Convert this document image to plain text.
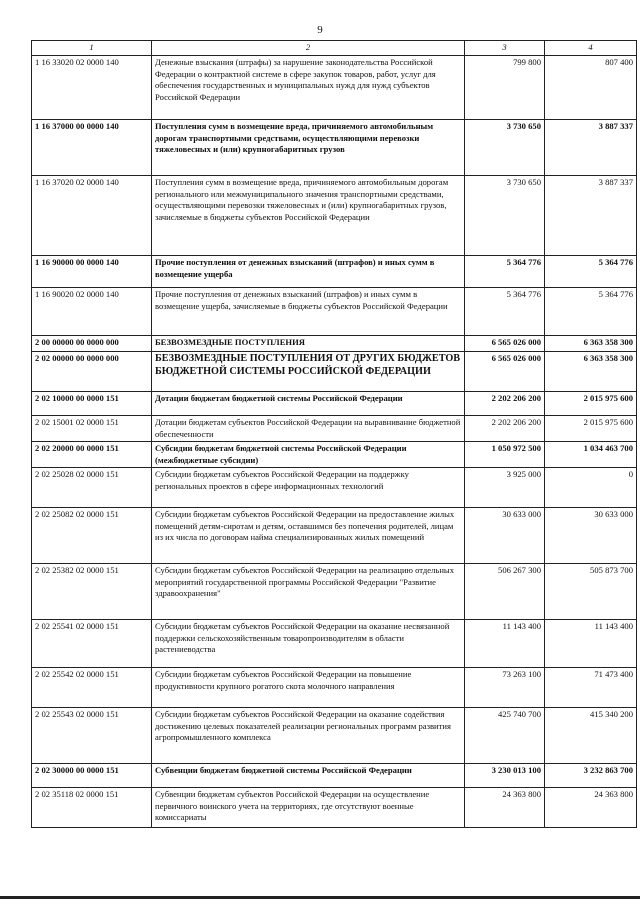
9
1	2	3	4
1 16 33020 02 0000 140	Денежные взыскания (штрафы) за нарушение законодательства Российской Федерации о контрактной системе в сфере закупок товаров, работ, услуг для обеспечения государственных и муниципальных нужд для нужд субъектов Российской Федерации	799 800	807 400
1 16 37000 00 0000 140	Поступления сумм в возмещение вреда, причиняемого автомобильным дорогам транспортными средствами, осуществляющими перевозки тяжеловесных и (или) крупногабаритных грузов	3 730 650	3 887 337
1 16 37020 02 0000 140	Поступления сумм в возмещение вреда, причиняемого автомобильным дорогам регионального или межмуниципального значения транспортными средствами, осуществляющими перевозки тяжеловесных и (или) крупногабаритных грузов, зачисляемые в бюджеты субъектов Российской Федерации	3 730 650	3 887 337
1 16 90000 00 0000 140	Прочие поступления от денежных взысканий (штрафов) и иных сумм в возмещение ущерба	5 364 776	5 364 776
1 16 90020 02 0000 140	Прочие поступления от денежных взысканий (штрафов) и иных сумм в возмещение ущерба, зачисляемые в бюджеты субъектов Российской Федерации	5 364 776	5 364 776
2 00 00000 00 0000 000	БЕЗВОЗМЕЗДНЫЕ ПОСТУПЛЕНИЯ	6 565 026 000	6 363 358 300
2 02 00000 00 0000 000	БЕЗВОЗМЕЗДНЫЕ ПОСТУПЛЕНИЯ ОТ ДРУГИХ БЮДЖЕТОВ БЮДЖЕТНОЙ СИСТЕМЫ РОССИЙСКОЙ ФЕДЕРАЦИИ	6 565 026 000	6 363 358 300
2 02 10000 00 0000 151	Дотации бюджетам бюджетной системы Российской Федерации	2 202 206 200	2 015 975 600
2 02 15001 02 0000 151	Дотации бюджетам субъектов Российской Федерации на выравнивание бюджетной обеспеченности	2 202 206 200	2 015 975 600
2 02 20000 00 0000 151	Субсидии бюджетам бюджетной системы Российской Федерации (межбюджетные субсидии)	1 050 972 500	1 034 463 700
2 02 25028 02 0000 151	Субсидии бюджетам субъектов Российской Федерации на поддержку региональных проектов в сфере информационных технологий	3 925 000	0
2 02 25082 02 0000 151	Субсидии бюджетам субъектов Российской Федерации на предоставление жилых помещений детям-сиротам и детям, оставшимся без попечения родителей, лицам из их числа по договорам найма специализированных жилых помещений	30 633 000	30 633 000
2 02 25382 02 0000 151	Субсидии бюджетам субъектов Российской Федерации на реализацию отдельных мероприятий государственной программы Российской Федерации "Развитие здравоохранения"	506 267 300	505 873 700
2 02 25541 02 0000 151	Субсидии бюджетам субъектов Российской Федерации на оказание несвязанной поддержки сельскохозяйственным товаропроизводителям в области растениеводства	11 143 400	11 143 400
2 02 25542 02 0000 151	Субсидии бюджетам субъектов Российской Федерации на повышение продуктивности крупного рогатого скота молочного направления	73 263 100	71 473 400
2 02 25543 02 0000 151	Субсидии бюджетам субъектов Российской Федерации на оказание содействия достижению целевых показателей реализации региональных программ развития агропромышленного комплекса	425 740 700	415 340 200
2 02 30000 00 0000 151	Субвенции бюджетам бюджетной системы Российской Федерации	3 230 013 100	3 232 863 700
2 02 35118 02 0000 151	Субвенции бюджетам субъектов Российской Федерации на осуществление первичного воинского учета на территориях, где отсутствуют военные комиссариаты	24 363 800	24 363 800
